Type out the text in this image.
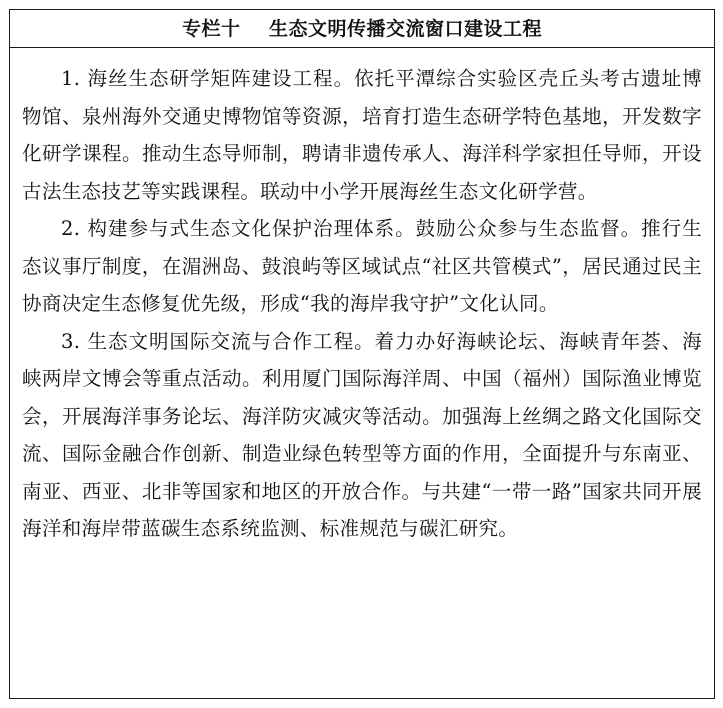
专栏十    生态文明传播交流窗口建设工程

1. 海丝生态研学矩阵建设工程。依托平潭综合实验区壳丘头考古遗址博物馆、泉州海外交通史博物馆等资源，培育打造生态研学特色基地，开发数字化研学课程。推动生态导师制，聘请非遗传承人、海洋科学家担任导师，开设古法生态技艺等实践课程。联动中小学开展海丝生态文化研学营。

2. 构建参与式生态文化保护治理体系。鼓励公众参与生态监督。推行生态议事厅制度，在湄洲岛、鼓浪屿等区域试点“社区共管模式”，居民通过民主协商决定生态修复优先级，形成“我的海岸我守护”文化认同。

3. 生态文明国际交流与合作工程。着力办好海峡论坛、海峡青年荟、海峡两岸文博会等重点活动。利用厦门国际海洋周、中国（福州）国际渔业博览会，开展海洋事务论坛、海洋防灾减灾等活动。加强海上丝绸之路文化国际交流、国际金融合作创新、制造业绿色转型等方面的作用，全面提升与东南亚、南亚、西亚、北非等国家和地区的开放合作。与共建“一带一路”国家共同开展海洋和海岸带蓝碳生态系统监测、标准规范与碳汇研究。
